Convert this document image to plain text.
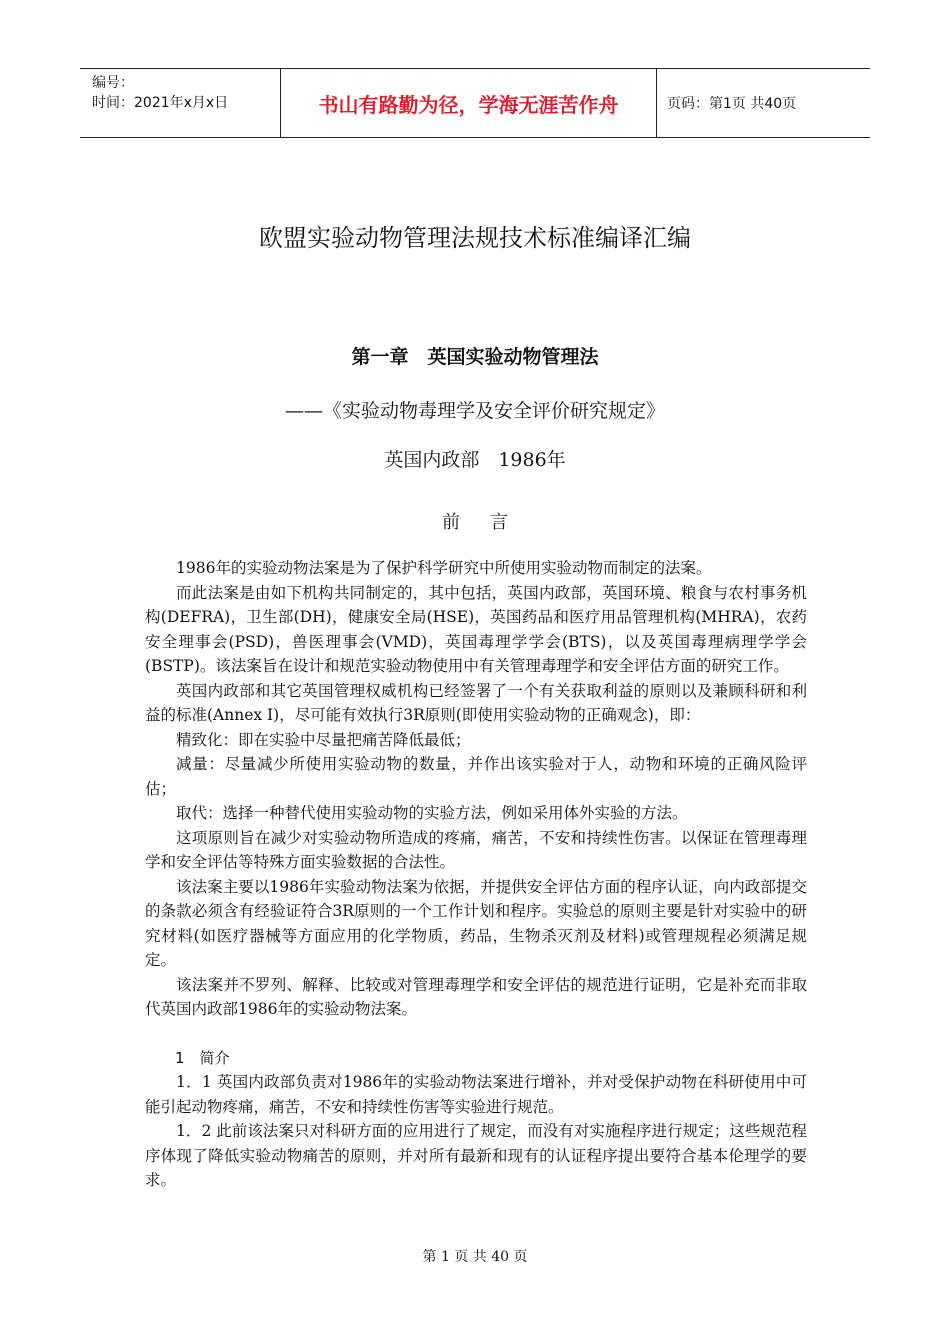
编号：
时间：2021年x月x日	书山有路勤为径，学海无涯苦作舟	页码：第1页 共40页
欧盟实验动物管理法规技术标准编译汇编
第一章　英国实验动物管理法
——《实验动物毒理学及安全评价研究规定》
英国内政部　1986年
前言

1986年的实验动物法案是为了保护科学研究中所使用实验动物而制定的法案。

而此法案是由如下机构共同制定的，其中包括，英国内政部，英国环境、粮食与农村事务机构(DEFRA)，卫生部(DH)，健康安全局(HSE)，英国药品和医疗用品管理机构(MHRA)，农药安全理事会(PSD)，兽医理事会(VMD)，英国毒理学学会(BTS)，以及英国毒理病理学学会(BSTP)。该法案旨在设计和规范实验动物使用中有关管理毒理学和安全评估方面的研究工作。

英国内政部和其它英国管理权威机构已经签署了一个有关获取利益的原则以及兼顾科研和利益的标准(Annex I)，尽可能有效执行3R原则(即使用实验动物的正确观念)，即：

精致化：即在实验中尽量把痛苦降低最低；

减量：尽量减少所使用实验动物的数量，并作出该实验对于人，动物和环境的正确风险评估；

取代：选择一种替代使用实验动物的实验方法，例如采用体外实验的方法。

这项原则旨在减少对实验动物所造成的疼痛，痛苦，不安和持续性伤害。以保证在管理毒理学和安全评估等特殊方面实验数据的合法性。

该法案主要以1986年实验动物法案为依据，并提供安全评估方面的程序认证，向内政部提交的条款必须含有经验证符合3R原则的一个工作计划和程序。实验总的原则主要是针对实验中的研究材料(如医疗器械等方面应用的化学物质，药品，生物杀灭剂及材料)或管理规程必须满足规定。

该法案并不罗列、解释、比较或对管理毒理学和安全评估的规范进行证明，它是补充而非取代英国内政部1986年的实验动物法案。

1　简介

1．1 英国内政部负责对1986年的实验动物法案进行增补，并对受保护动物在科研使用中可能引起动物疼痛，痛苦，不安和持续性伤害等实验进行规范。

1．2 此前该法案只对科研方面的应用进行了规定，而没有对实施程序进行规定；这些规范程序体现了降低实验动物痛苦的原则，并对所有最新和现有的认证程序提出要符合基本伦理学的要求。

第 1 页 共 40 页
